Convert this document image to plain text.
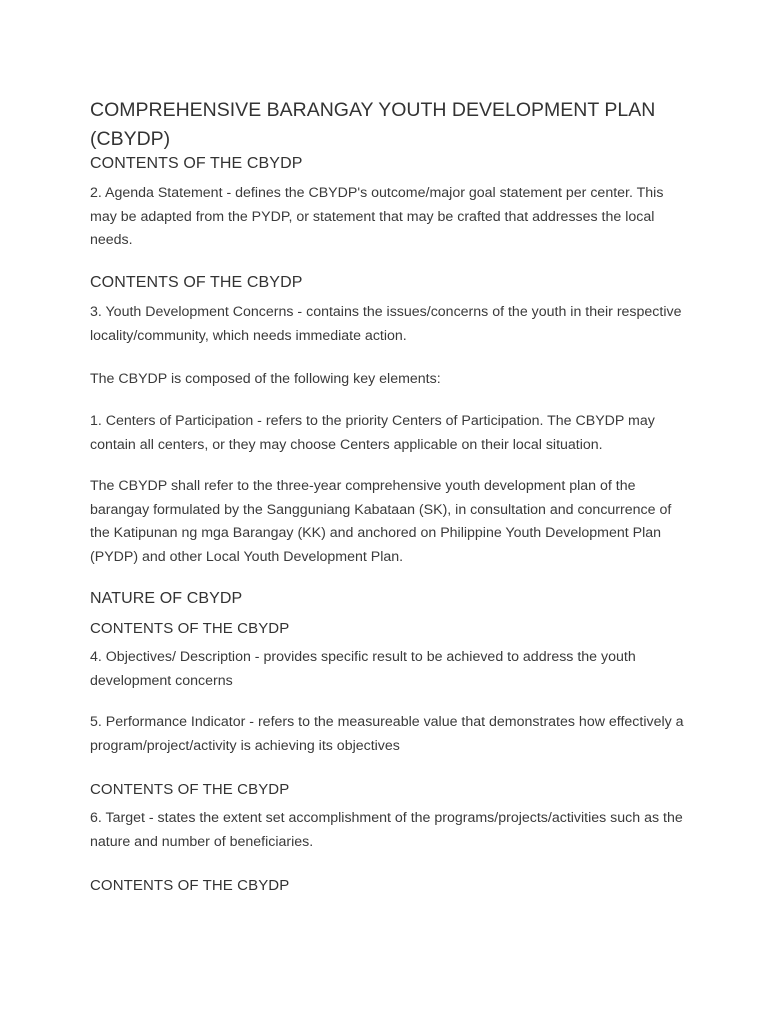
COMPREHENSIVE BARANGAY YOUTH DEVELOPMENT PLAN (CBYDP)
CONTENTS OF THE CBYDP

2. Agenda Statement - defines the CBYDP's outcome/major goal statement per center. This may be adapted from the PYDP, or statement that may be crafted that addresses the local needs.

CONTENTS OF THE CBYDP

3. Youth Development Concerns - contains the issues/concerns of the youth in their respective locality/community, which needs immediate action.

The CBYDP is composed of the following key elements:

1. Centers of Participation - refers to the priority Centers of Participation. The CBYDP may contain all centers, or they may choose Centers applicable on their local situation.

The CBYDP shall refer to the three-year comprehensive youth development plan of the barangay formulated by the Sangguniang Kabataan (SK), in consultation and concurrence of the Katipunan ng mga Barangay (KK) and anchored on Philippine Youth Development Plan (PYDP) and other Local Youth Development Plan.

NATURE OF CBYDP
CONTENTS OF THE CBYDP

4. Objectives/ Description - provides specific result to be achieved to address the youth development concerns

5. Performance Indicator - refers to the measureable value that demonstrates how effectively a program/project/activity is achieving its objectives

CONTENTS OF THE CBYDP

6. Target - states the extent set accomplishment of the programs/projects/activities such as the nature and number of beneficiaries.

CONTENTS OF THE CBYDP
